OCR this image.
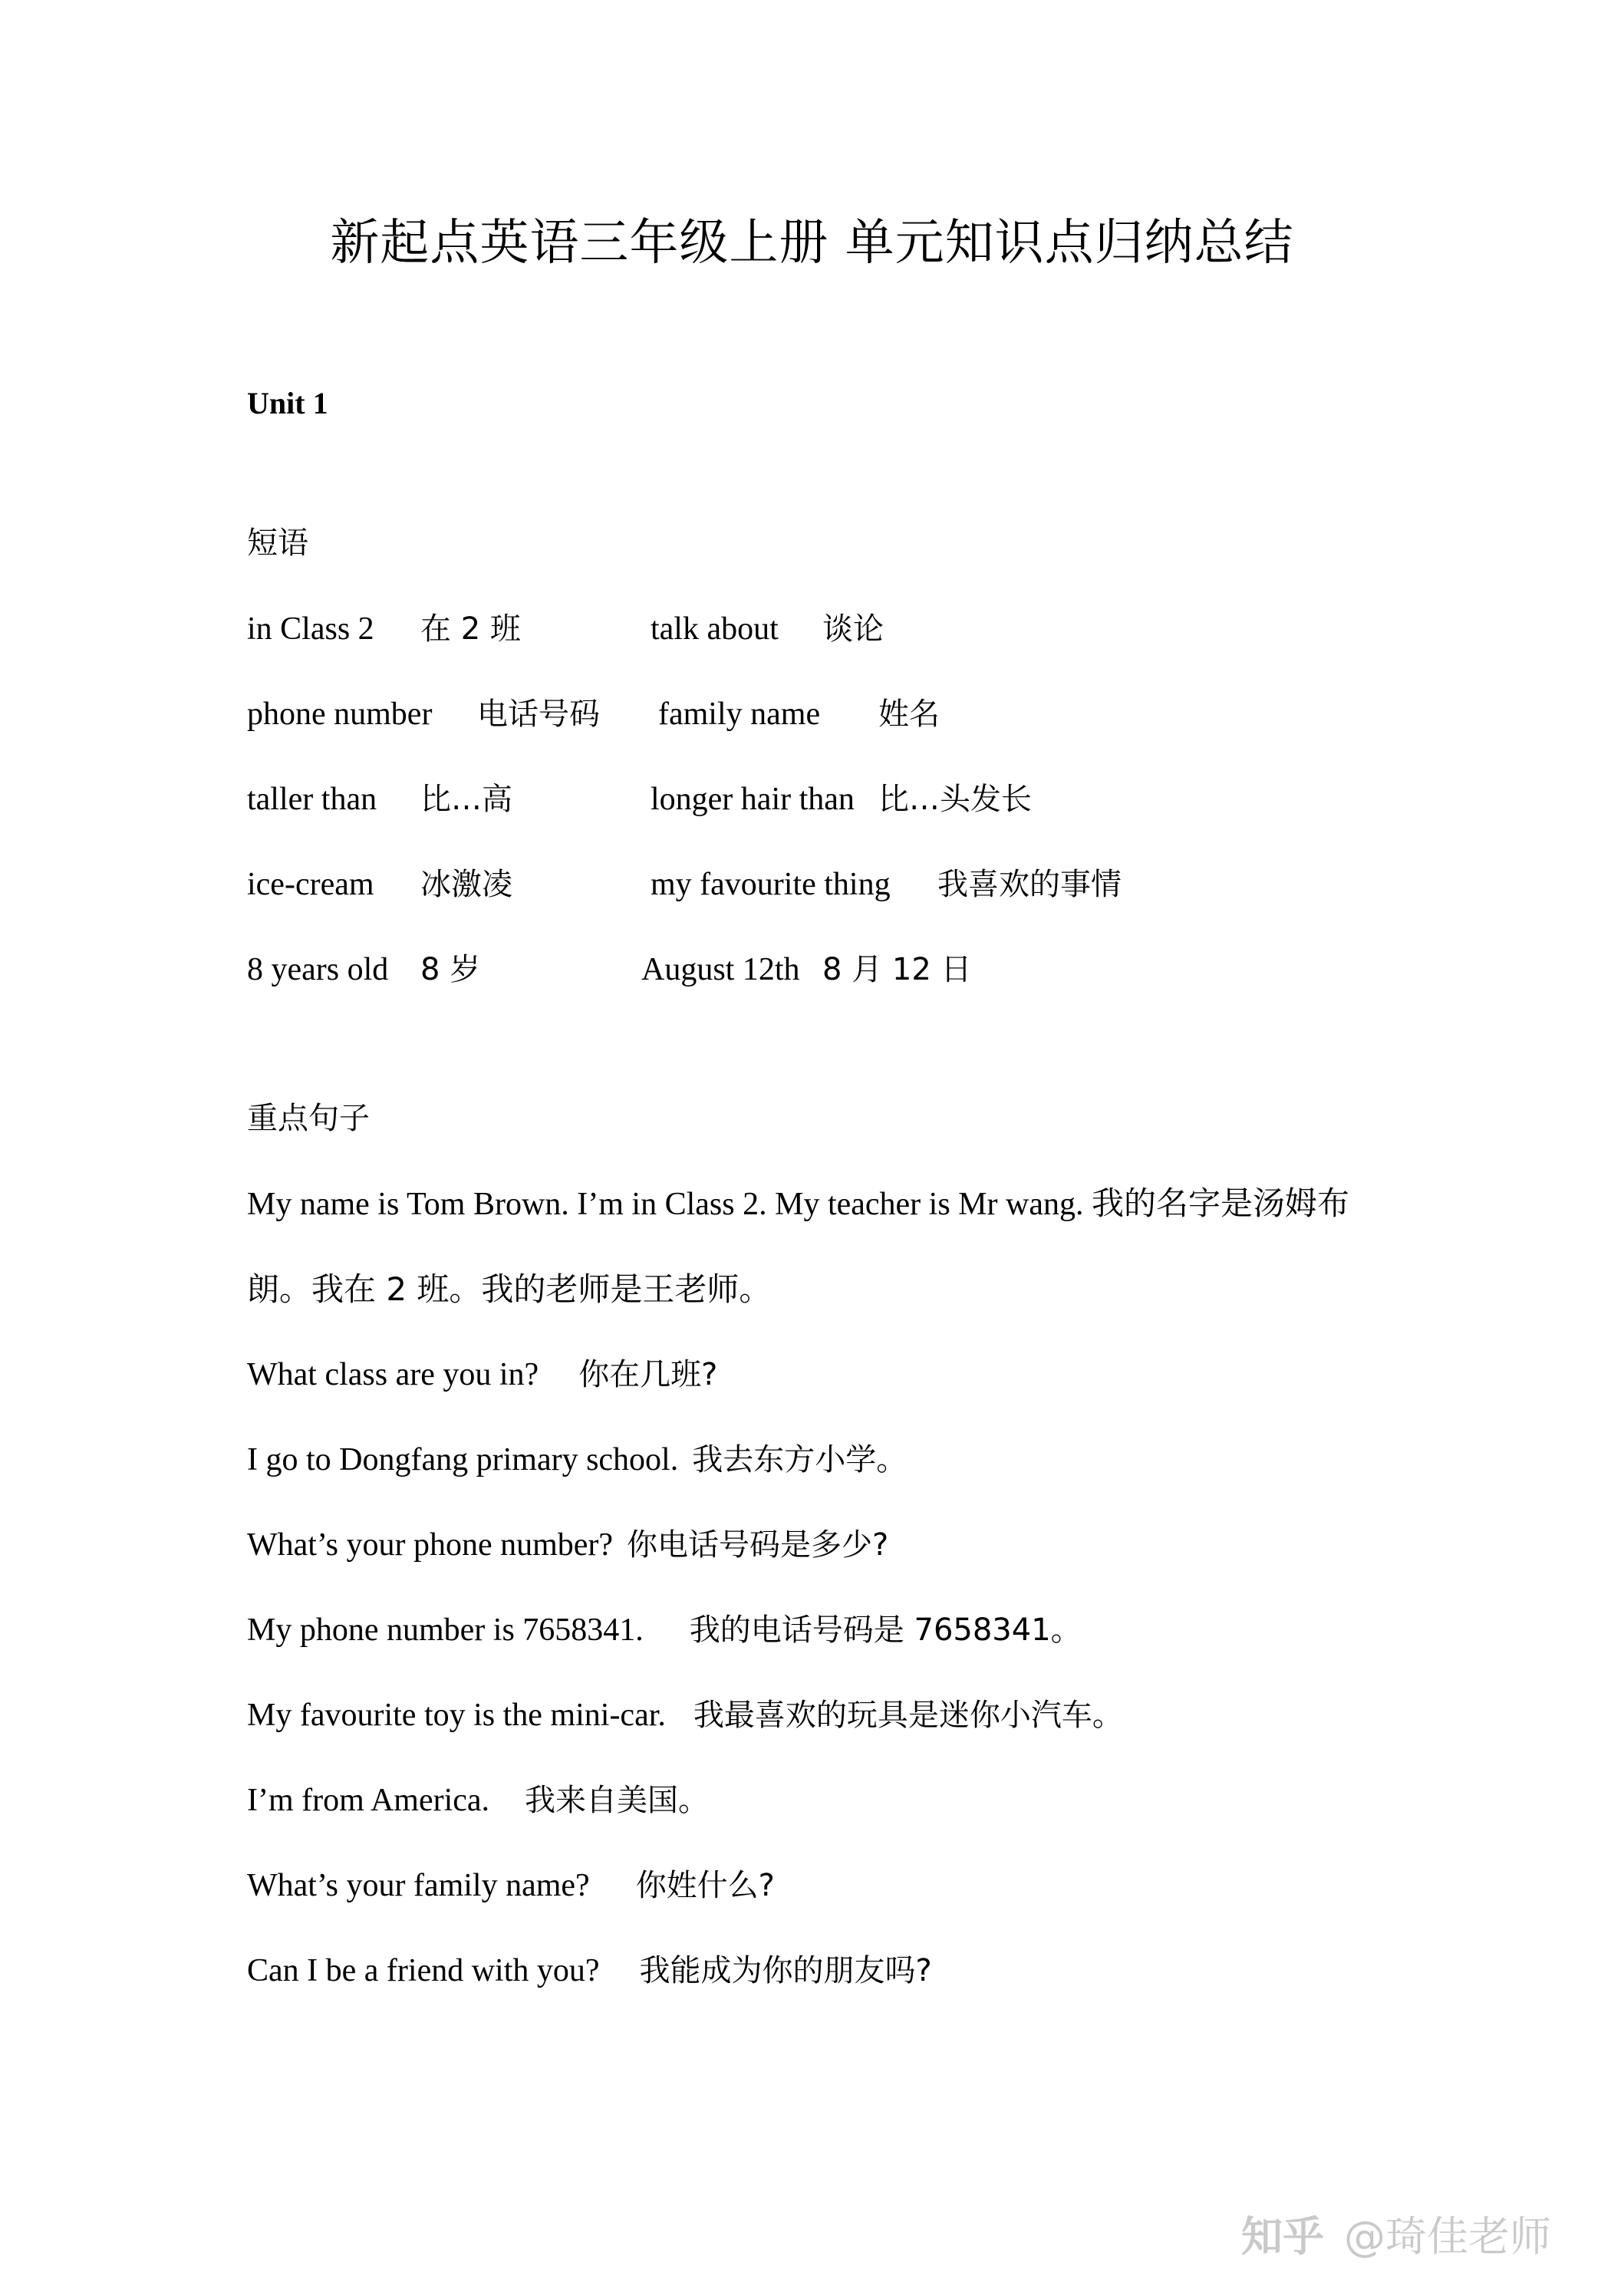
新起点英语三年级上册 单元知识点归纳总结
Unit 1
短语
in Class 2 在 2 班	talk about 谈论
phone number 电话号码 family name 姓名
taller than 比…高	longer hair than 比…头发长
ice-cream 冰激凌	my favourite thing 我喜欢的事情
8 years old 8 岁	August 12th 8 月 12 日
重点句子
My name is Tom Brown. I’m in Class 2. My teacher is Mr wang. 我的名字是汤姆布
朗。我在 2 班。我的老师是王老师。
What class are you in? 你在几班?
I go to Dongfang primary school. 我去东方小学。
What’s your phone number? 你电话号码是多少?
My phone number is 7658341. 我的电话号码是 7658341。
My favourite toy is the mini-car. 我最喜欢的玩具是迷你小汽车。
I’m from America. 我来自美国。
What’s your family name? 你姓什么?
Can I be a friend with you? 我能成为你的朋友吗?
知乎 @琦佳老师
